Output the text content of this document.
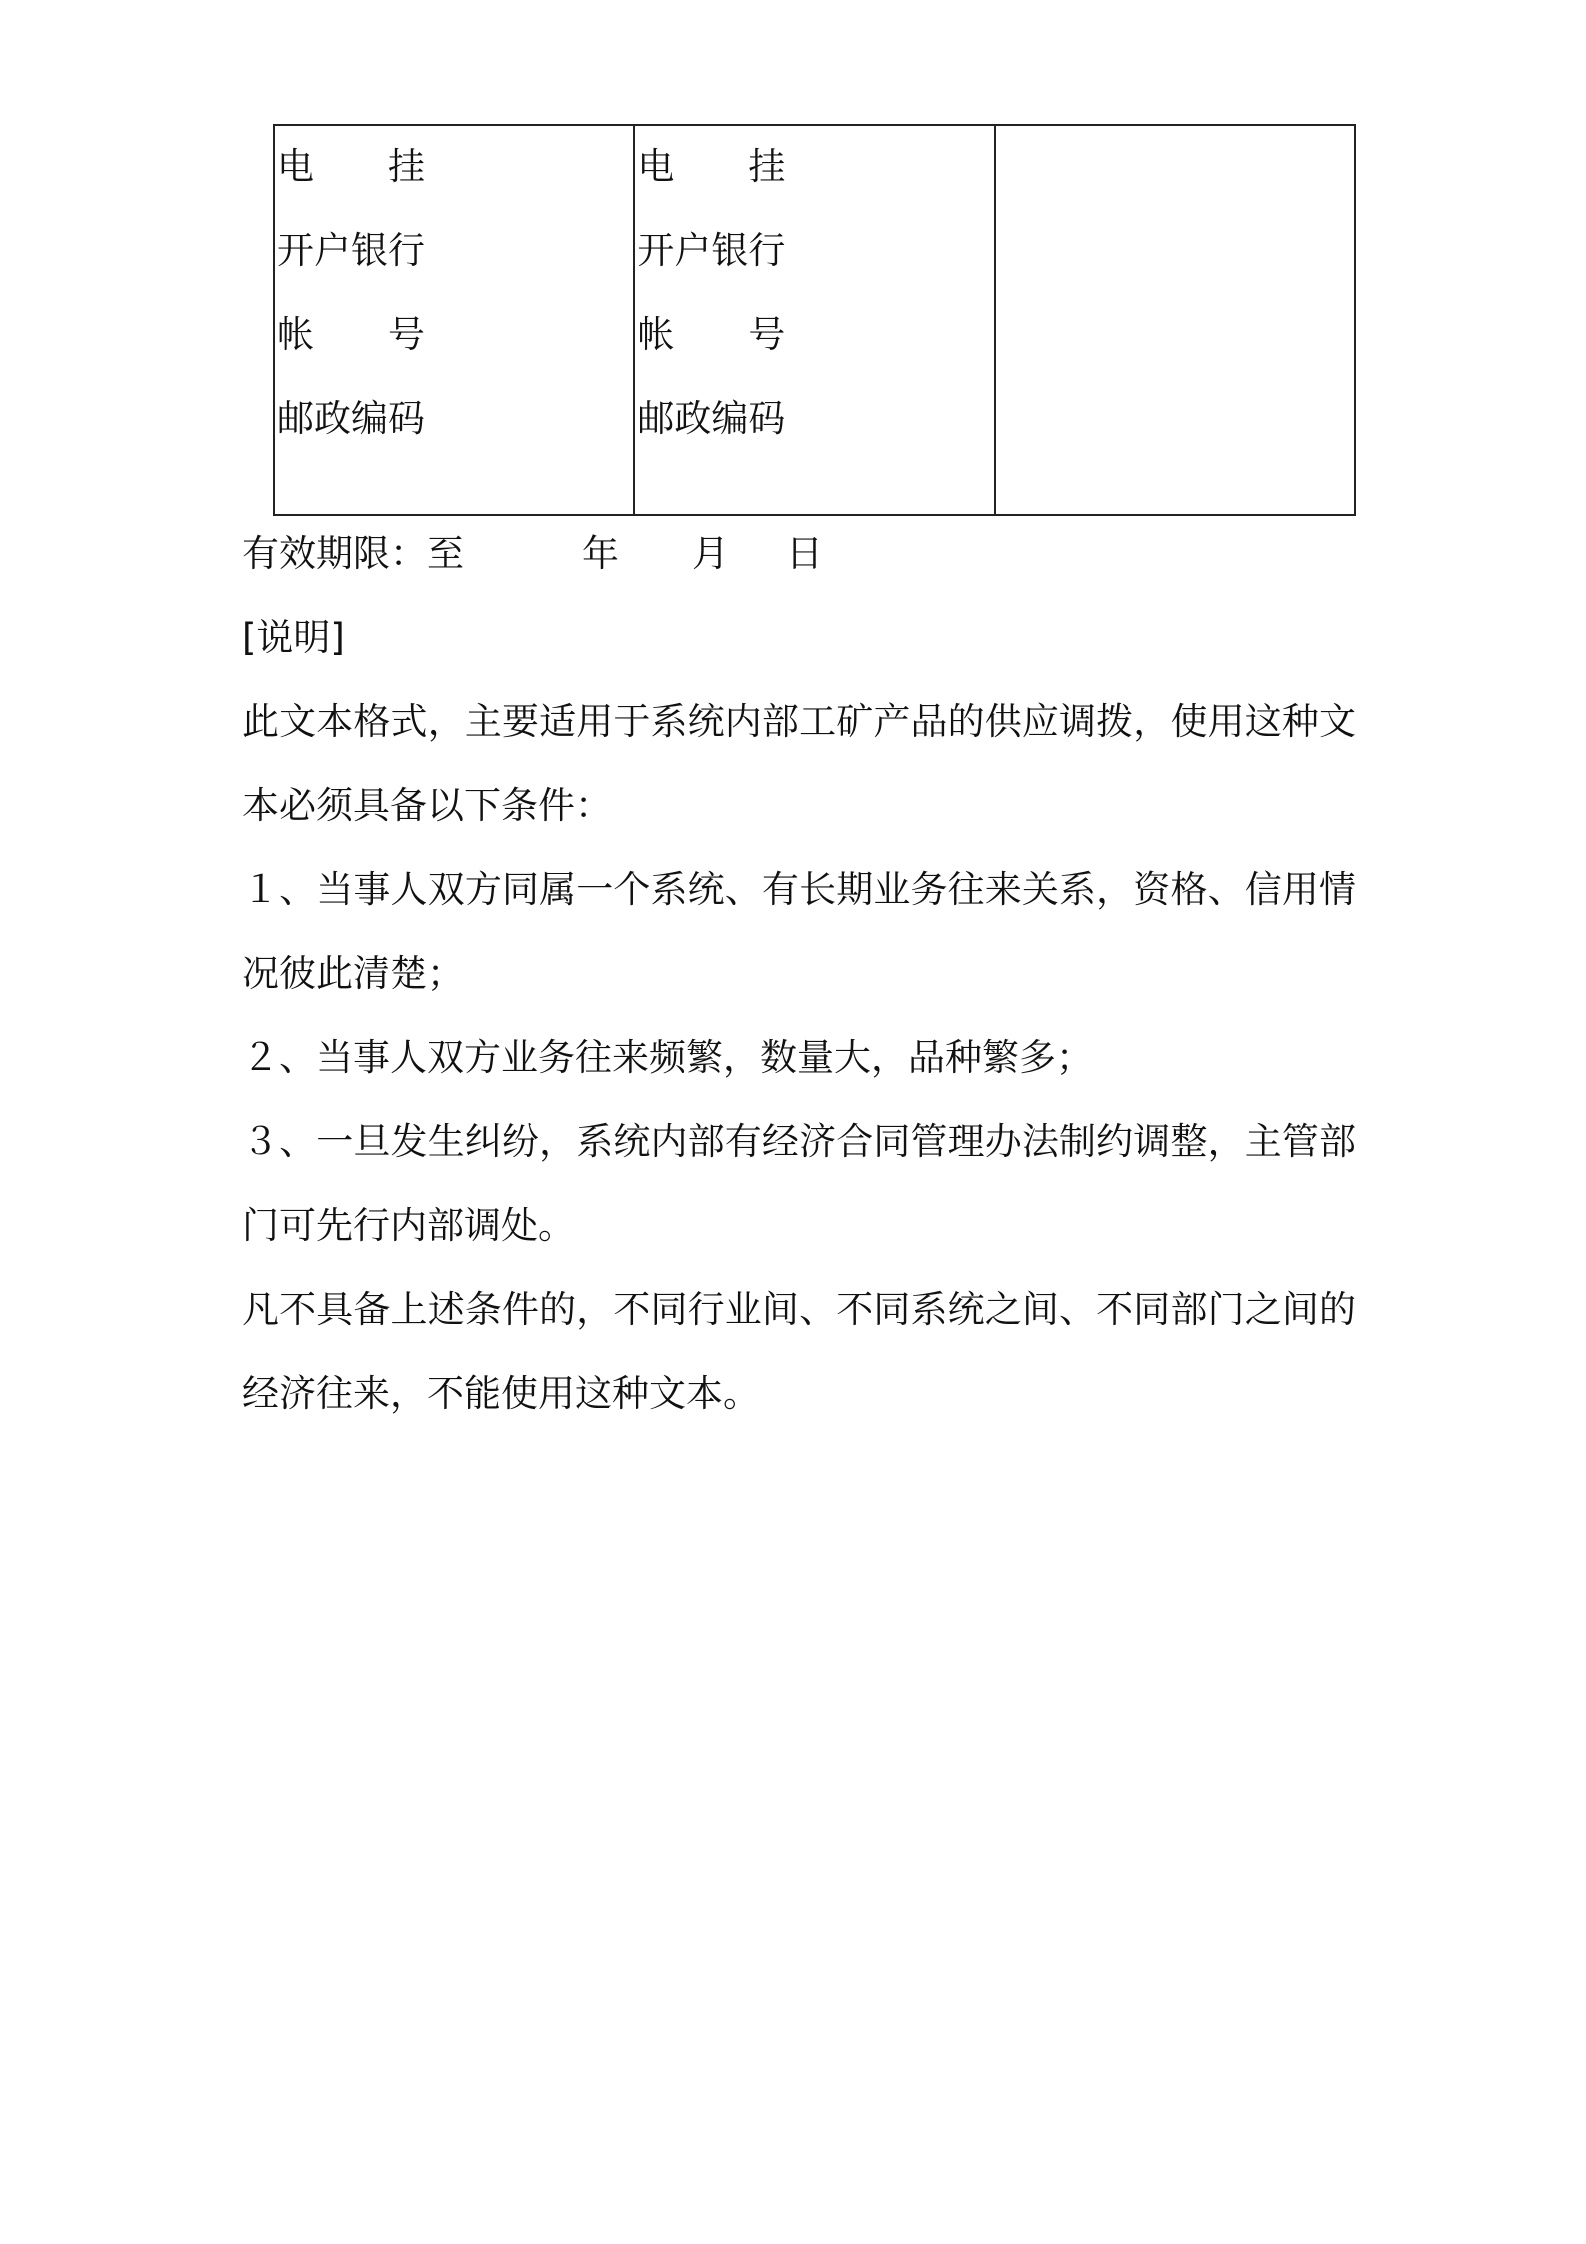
电　　挂
开户银行
帐　　号
邮政编码
电　　挂
开户银行
帐　　号
邮政编码
有效期限：至	年 月 日
[说明]
此文本格式，主要适用于系统内部工矿产品的供应调拨，使用这种文
本必须具备以下条件：
１、当事人双方同属一个系统、有长期业务往来关系，资格、信用情
况彼此清楚；
２、当事人双方业务往来频繁，数量大，品种繁多；
３、一旦发生纠纷，系统内部有经济合同管理办法制约调整，主管部
门可先行内部调处。
凡不具备上述条件的，不同行业间、不同系统之间、不同部门之间的
经济往来，不能使用这种文本。
